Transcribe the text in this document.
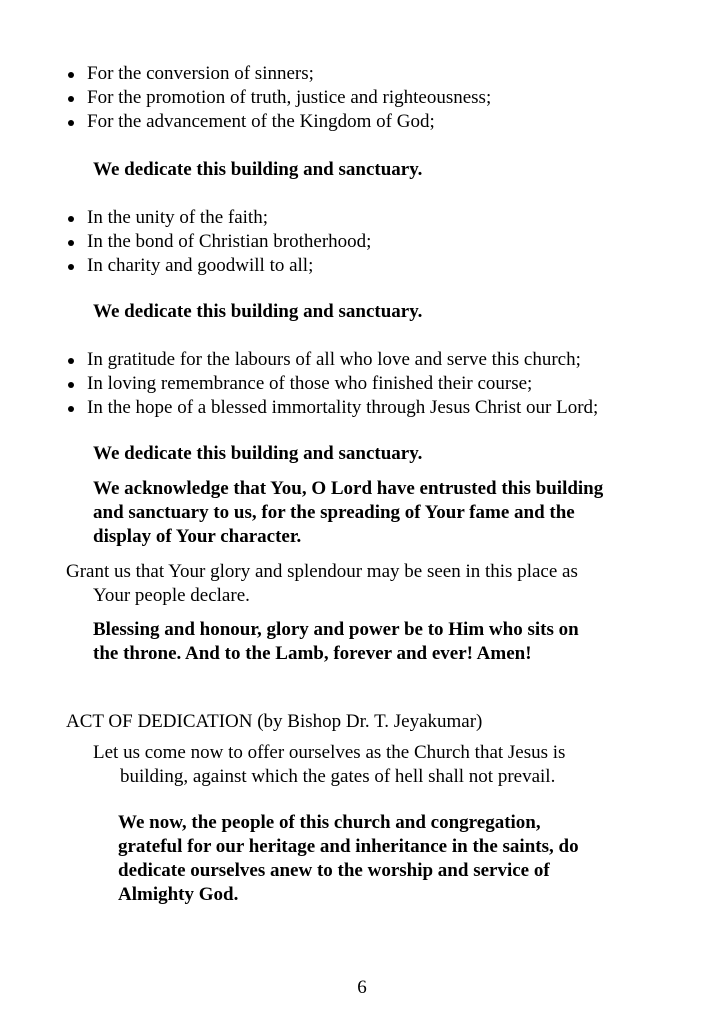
For the conversion of sinners;
For the promotion of truth, justice and righteousness;
For the advancement of the Kingdom of God;
We dedicate this building and sanctuary.
In the unity of the faith;
In the bond of Christian brotherhood;
In charity and goodwill to all;
We dedicate this building and sanctuary.
In gratitude for the labours of all who love and serve this church;
In loving remembrance of those who finished their course;
In the hope of a blessed immortality through Jesus Christ our Lord;
We dedicate this building and sanctuary.
We acknowledge that You, O Lord have entrusted this building
and sanctuary to us, for the spreading of Your fame and the
display of Your character.
Grant us that Your glory and splendour may be seen in this place as
Your people declare.
Blessing and honour, glory and power be to Him who sits on
the throne. And to the Lamb, forever and ever! Amen!
ACT OF DEDICATION (by Bishop Dr. T. Jeyakumar)
Let us come now to offer ourselves as the Church that Jesus is
building, against which the gates of hell shall not prevail.
We now, the people of this church and congregation,
grateful for our heritage and inheritance in the saints, do
dedicate ourselves anew to the worship and service of
Almighty God.
6
